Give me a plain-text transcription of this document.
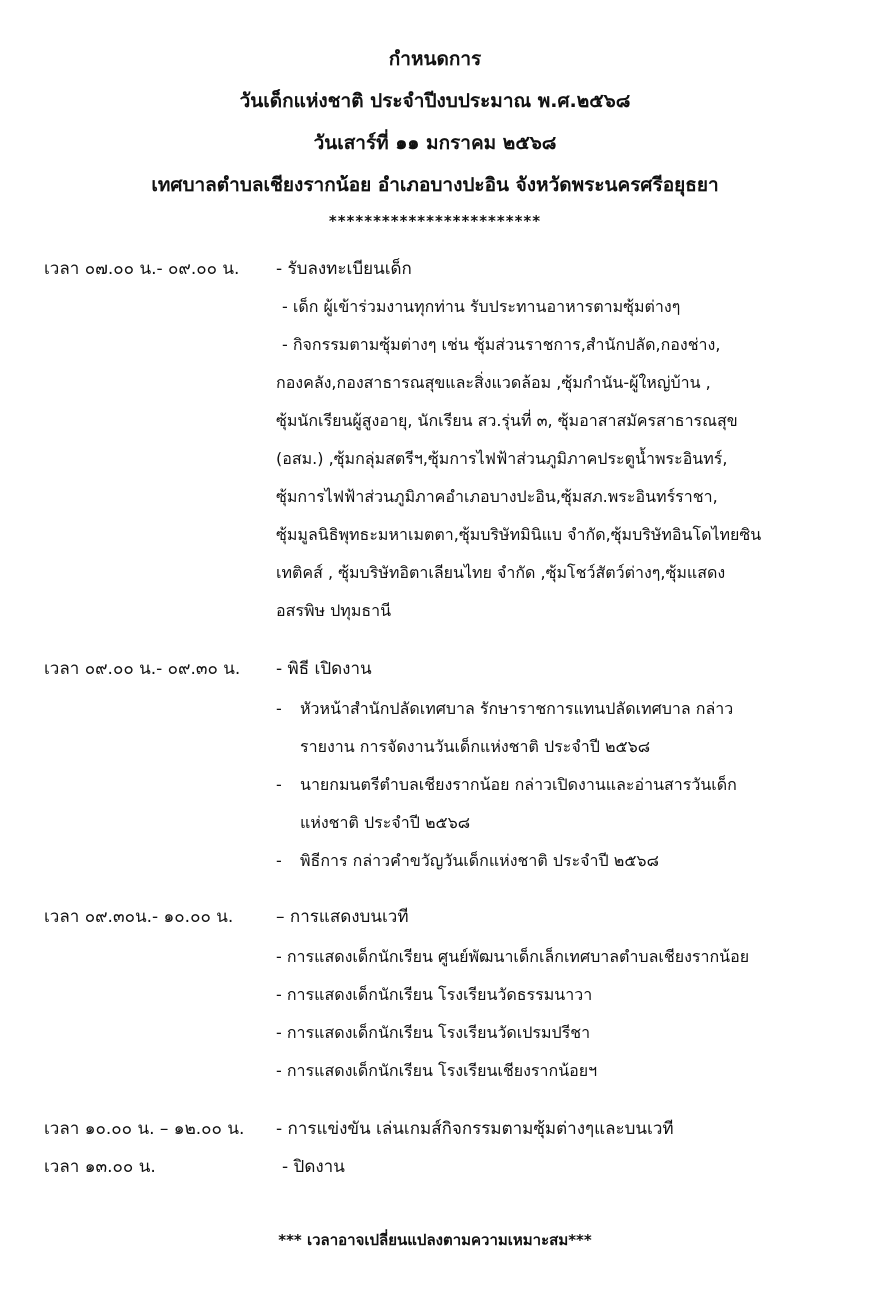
กำหนดการ
วันเด็กแห่งชาติ ประจำปีงบประมาณ พ.ศ.๒๕๖๘
วันเสาร์ที่ ๑๑ มกราคม ๒๕๖๘
เทศบาลตำบลเชียงรากน้อย อำเภอบางปะอิน จังหวัดพระนครศรีอยุธยา
************************
เวลา ๐๗.๐๐ น.- ๐๙.๐๐ น. - รับลงทะเบียนเด็ก
- เด็ก ผู้เข้าร่วมงานทุกท่าน รับประทานอาหารตามซุ้มต่างๆ
- กิจกรรมตามซุ้มต่างๆ เช่น ซุ้มส่วนราชการ,สำนักปลัด,กองช่าง,
กองคลัง,กองสาธารณสุขและสิ่งแวดล้อม ,ซุ้มกำนัน-ผู้ใหญ่บ้าน ,
ซุ้มนักเรียนผู้สูงอายุ, นักเรียน สว.รุ่นที่ ๓, ซุ้มอาสาสมัครสาธารณสุข
(อสม.) ,ซุ้มกลุ่มสตรีฯ,ซุ้มการไฟฟ้าส่วนภูมิภาคประตูน้ำพระอินทร์,
ซุ้มการไฟฟ้าส่วนภูมิภาคอำเภอบางปะอิน,ซุ้มสภ.พระอินทร์ราชา,
ซุ้มมูลนิธิพุทธะมหาเมตตา,ซุ้มบริษัทมินิแบ จำกัด,ซุ้มบริษัทอินโดไทยซิน
เทติคส์ , ซุ้มบริษัทอิตาเลียนไทย จำกัด ,ซุ้มโชว์สัตว์ต่างๆ,ซุ้มแสดง
อสรพิษ ปทุมธานี
เวลา ๐๙.๐๐ น.- ๐๙.๓๐ น. - พิธี เปิดงาน
- หัวหน้าสำนักปลัดเทศบาล รักษาราชการแทนปลัดเทศบาล กล่าว
รายงาน การจัดงานวันเด็กแห่งชาติ ประจำปี ๒๕๖๘
- นายกมนตรีตำบลเชียงรากน้อย กล่าวเปิดงานและอ่านสารวันเด็ก
แห่งชาติ ประจำปี ๒๕๖๘
- พิธีการ กล่าวคำขวัญวันเด็กแห่งชาติ ประจำปี ๒๕๖๘
เวลา ๐๙.๓๐น.- ๑๐.๐๐ น.	– การแสดงบนเวที
- การแสดงเด็กนักเรียน ศูนย์พัฒนาเด็กเล็กเทศบาลตำบลเชียงรากน้อย
- การแสดงเด็กนักเรียน โรงเรียนวัดธรรมนาวา
- การแสดงเด็กนักเรียน โรงเรียนวัดเปรมปรีชา
- การแสดงเด็กนักเรียน โรงเรียนเชียงรากน้อยฯ
เวลา ๑๐.๐๐ น. – ๑๒.๐๐ น. - การแข่งขัน เล่นเกมส์กิจกรรมตามซุ้มต่างๆและบนเวที
เวลา ๑๓.๐๐ น.	- ปิดงาน
*** เวลาอาจเปลี่ยนแปลงตามความเหมาะสม***
